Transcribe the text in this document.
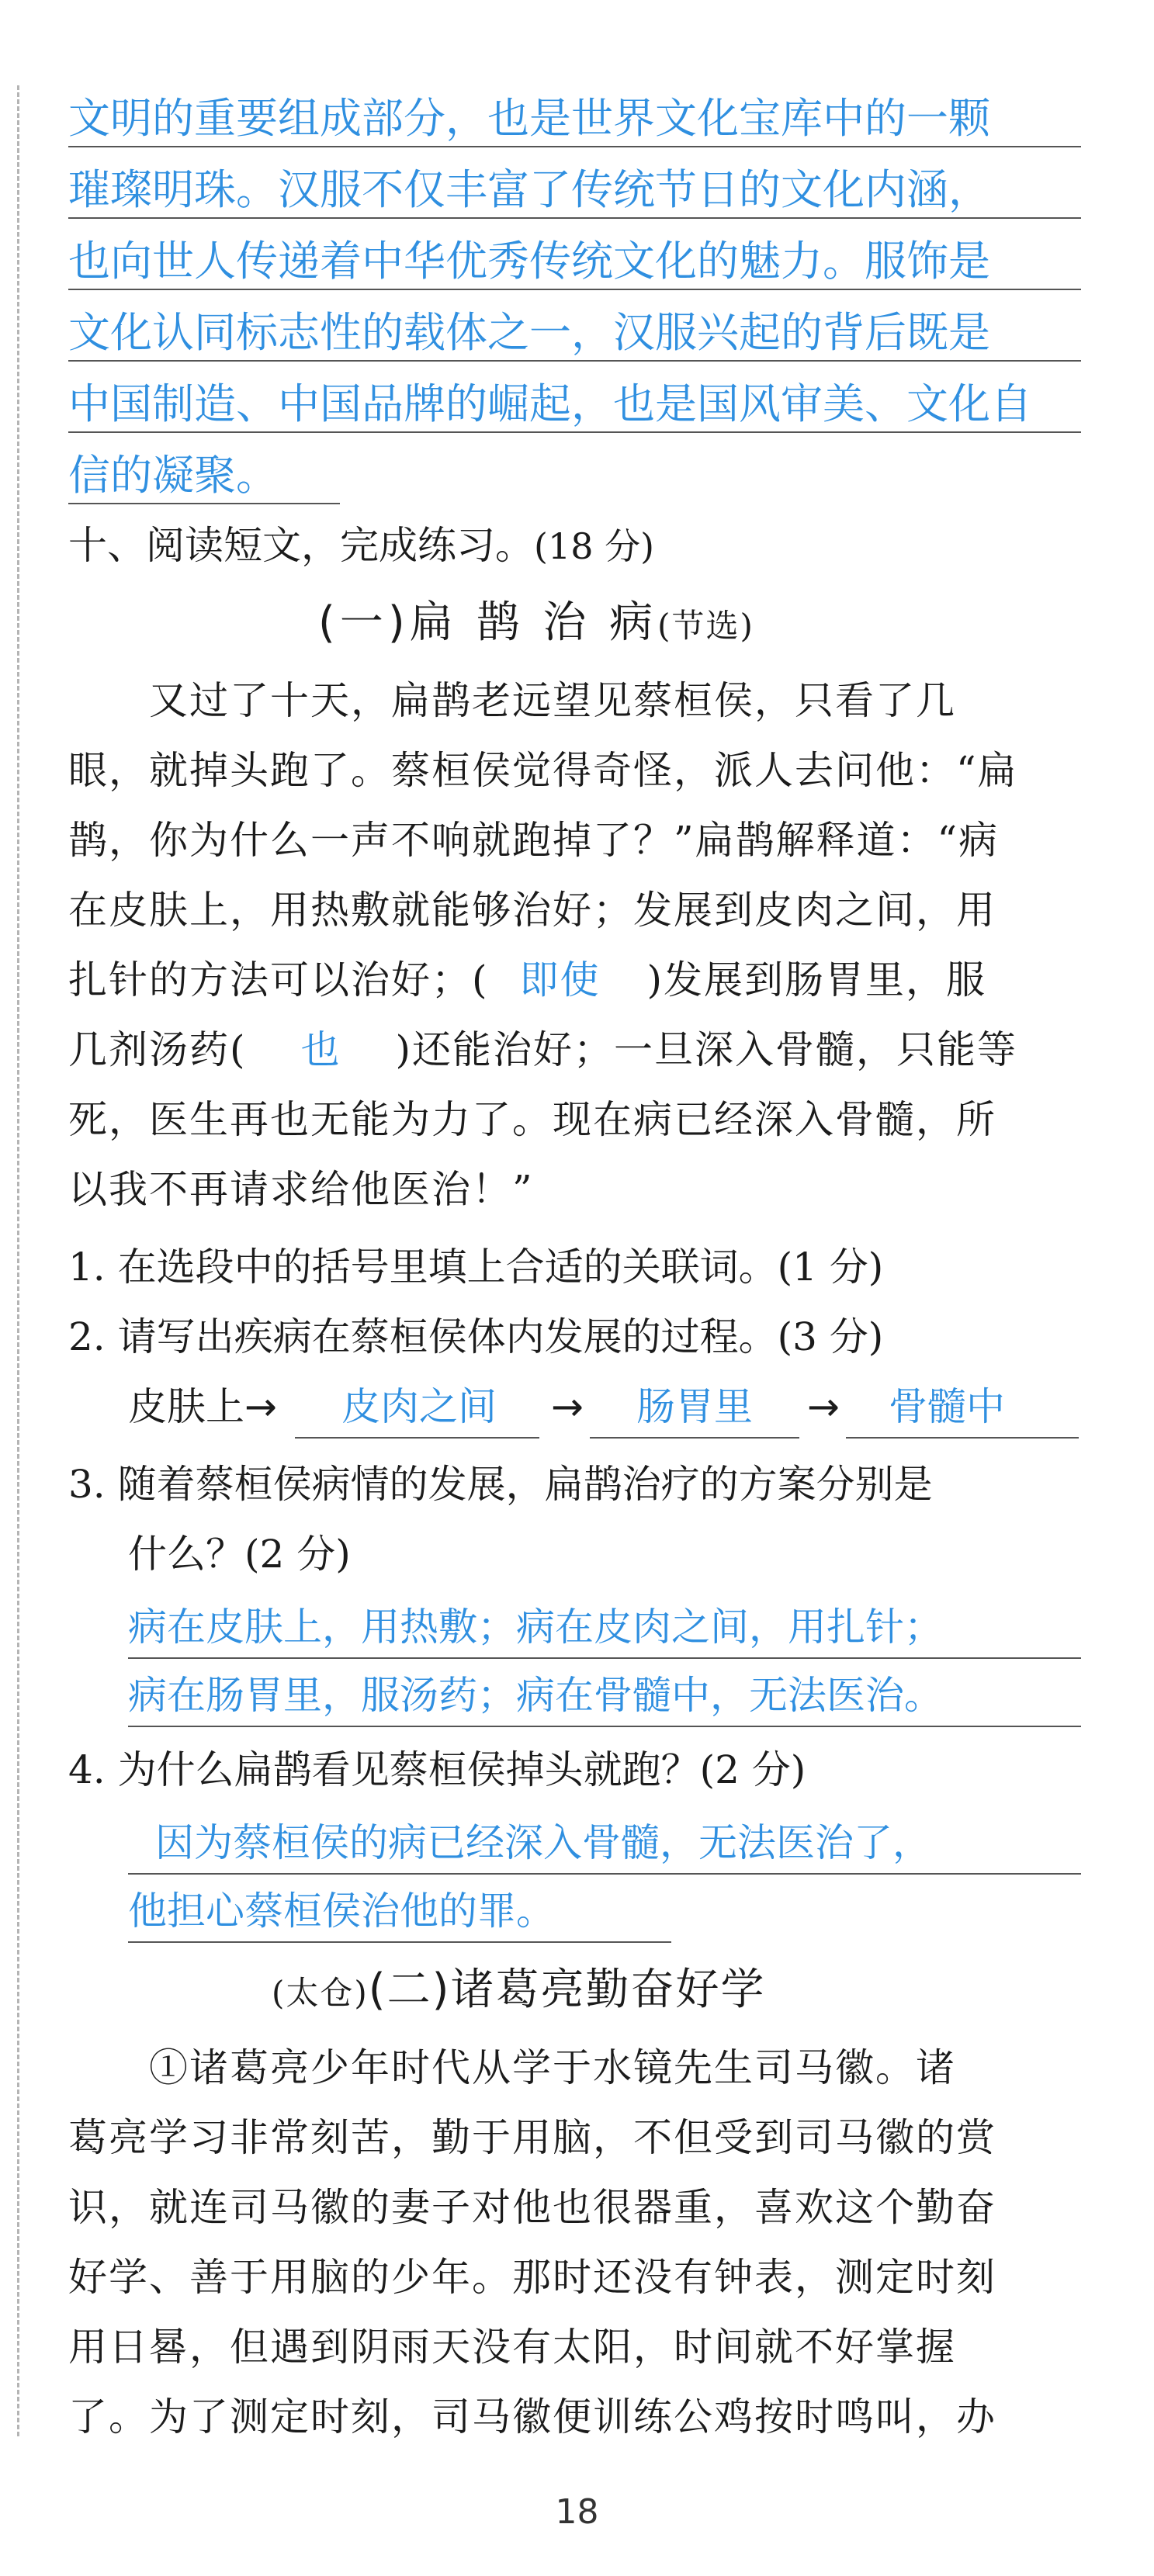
文明的重要组成部分，也是世界文化宝库中的一颗
璀璨明珠。汉服不仅丰富了传统节日的文化内涵，
也向世人传递着中华优秀传统文化的魅力。服饰是
文化认同标志性的载体之一，汉服兴起的背后既是
中国制造、中国品牌的崛起，也是国风审美、文化自
信的凝聚。
十、阅读短文，完成练习。(18 分)
(一)扁 鹊 治 病(节选)
　　又过了十天，扁鹊老远望见蔡桓侯，只看了几
眼，就掉头跑了。蔡桓侯觉得奇怪，派人去问他：“扁
鹊，你为什么一声不响就跑掉了？”扁鹊解释道：“病
在皮肤上，用热敷就能够治好；发展到皮肉之间，用
扎针的方法可以治好；( 即使 )发展到肠胃里，服
几剂汤药( 也 )还能治好；一旦深入骨髓，只能等
死，医生再也无能为力了。现在病已经深入骨髓，所
以我不再请求给他医治！”
1. 在选段中的括号里填上合适的关联词。(1 分)
2. 请写出疾病在蔡桓侯体内发展的过程。(3 分)
皮肤上 → 皮肉之间 → 肠胃里 → 骨髓中
3. 随着蔡桓侯病情的发展，扁鹊治疗的方案分别是
什么？(2 分)
病在皮肤上，用热敷；病在皮肉之间，用扎针；
病在肠胃里，服汤药；病在骨髓中，无法医治。
4. 为什么扁鹊看见蔡桓侯掉头就跑？(2 分)
因为蔡桓侯的病已经深入骨髓，无法医治了，
他担心蔡桓侯治他的罪。
(太仓)(二)诸葛亮勤奋好学
　　①诸葛亮少年时代从学于水镜先生司马徽。诸
葛亮学习非常刻苦，勤于用脑，不但受到司马徽的赏
识，就连司马徽的妻子对他也很器重，喜欢这个勤奋
好学、善于用脑的少年。那时还没有钟表，测定时刻
用日晷，但遇到阴雨天没有太阳，时间就不好掌握
了。为了测定时刻，司马徽便训练公鸡按时鸣叫，办
18
